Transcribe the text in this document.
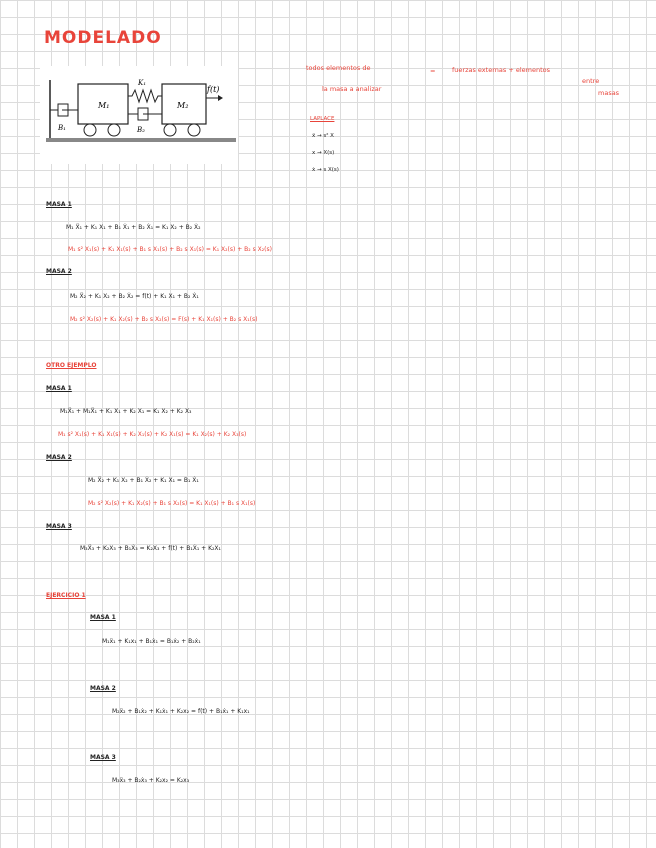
MODELADO
M₁	M₂
K₁
B₁	B₂
f(t)
todos elementos de	=	fuerzas externas + elementos
entre
la masa a analizar	masas
LAPLACE
ẍ → s² X
x → X(s)
ẋ → s X(s)
MASA 1
M₁ Ẍ₁ + K₁ X₁ + B₁ Ẋ₁ + B₂ Ẋ₁ = K₁ X₂ + B₂ Ẋ₂
M₁ s² X₁(s) + K₁ X₁(s) + B₁ s X₁(s) + B₂ s X₁(s) = K₁ X₂(s) + B₂ s X₂(s)
MASA 2
M₂ Ẍ₂ + K₁ X₂ + B₂ Ẋ₂ = f(t) + K₁ X₁ + B₂ Ẋ₁
M₂ s² X₂(s) + K₁ X₂(s) + B₂ s X₂(s) = F(s) + K₁ X₁(s) + B₂ s X₁(s)
OTRO EJEMPLO
MASA 1
M₁Ẍ₁ + M₁Ẍ₁ + K₁ X₁ + K₂ X₁ = K₁ X₂ + K₂ X₃
M₁ s² X₁(s) + K₁ X₁(s) + K₂ X₁(s) + K₂ X₁(s) = K₁ X₂(s) + K₂ X₃(s)
MASA 2
M₂ Ẍ₂ + K₁ X₂ + B₁ Ẋ₂ + K₁ X₁ = B₁ Ẋ₁
M₂ s² X₂(s) + K₁ X₂(s) + B₁ s X₂(s) = K₁ X₁(s) + B₁ s X₁(s)
MASA 3
M₃Ẍ₃ + K₂X₃ + B₁Ẋ₃ = K₂X₃ + f(t) + B₁Ẋ₁ + K₂X₁
EJERCICIO 1
MASA 1
M₁ẍ₁ + K₁x₁ + B₁ẋ₁ = B₁ẋ₂ + B₂ẋ₁
MASA 2
M₂ẍ₂ + B₁ẋ₂ + K₁ẋ₁ + K₂x₂ = f(t) + B₁ẋ₁ + K₁x₁
MASA 3
M₃ẍ₃ + B₂ẋ₃ + K₂x₂ = K₂x₃
